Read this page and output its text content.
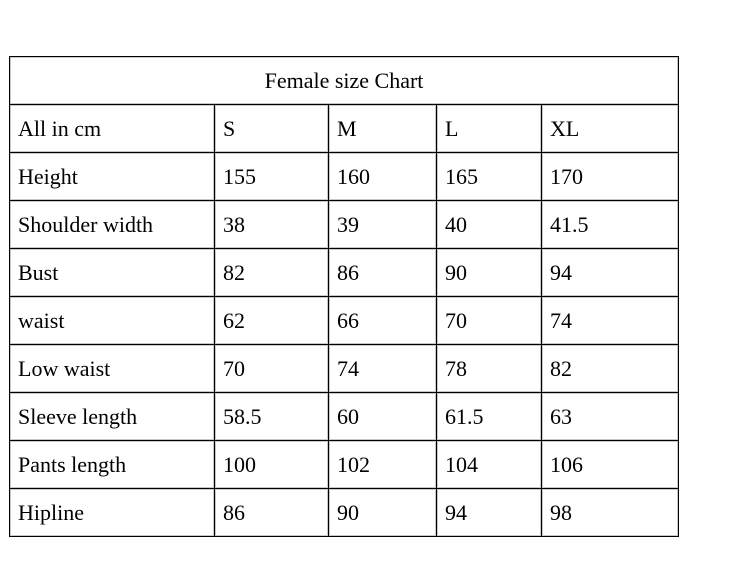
Female size Chart				
All in cm	S	M	L	XL
Height	155	160	165	170
Shoulder width	38	39	40	41.5
Bust	82	86	90	94
waist	62	66	70	74
Low waist	70	74	78	82
Sleeve length	58.5	60	61.5	63
Pants length	100	102	104	106
Hipline	86	90	94	98
